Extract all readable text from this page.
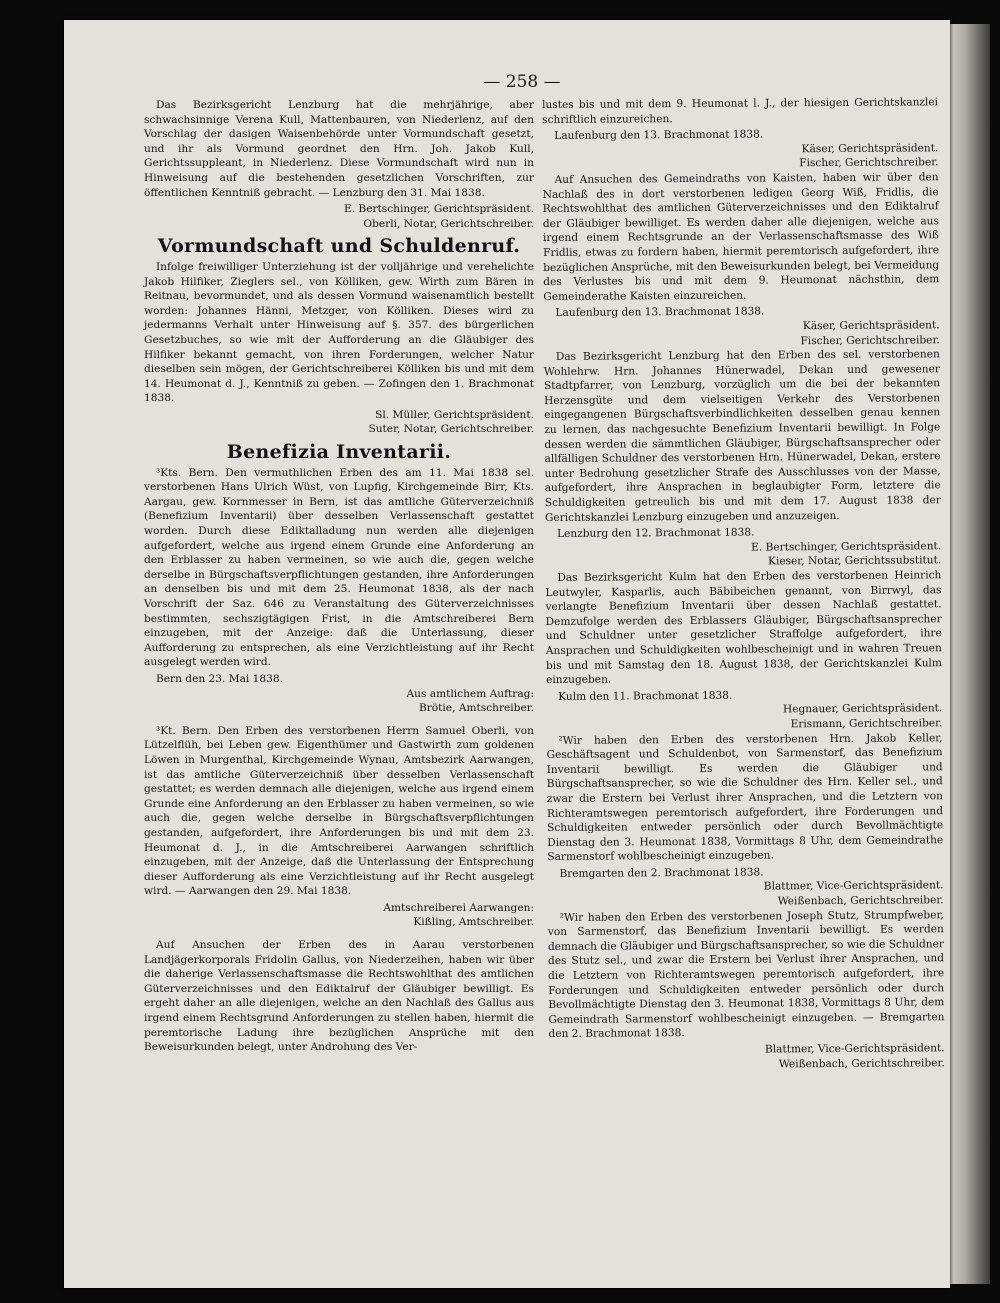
— 258 —

Das Bezirksgericht Lenzburg hat die mehrjährige, aber schwachsinnige Verena Kull, Mattenbauren, von Niederlenz, auf den Vorschlag der dasigen Waisenbehörde unter Vormundschaft gesetzt, und ihr als Vormund geordnet den Hrn. Joh. Jakob Kull, Gerichtssuppleant, in Niederlenz. Diese Vormundschaft wird nun in Hinweisung auf die bestehenden gesetzlichen Vorschriften, zur öffentlichen Kenntniß gebracht. — Lenzburg den 31. Mai 1838.

E. Bertschinger, Gerichtspräsident.

Oberli, Notar, Gerichtschreiber.

Vormundschaft und Schuldenruf.

Infolge freiwilliger Unterziehung ist der volljährige und verehelichte Jakob Hilfiker, Zieglers sel., von Kölliken, gew. Wirth zum Bären in Reitnau, bevormundet, und als dessen Vormund waisenamtlich bestellt worden: Johannes Hänni, Metzger, von Kölliken. Dieses wird zu jedermanns Verhalt unter Hinweisung auf §. 357. des bürgerlichen Gesetzbuches, so wie mit der Aufforderung an die Gläubiger des Hilfiker bekannt gemacht, von ihren Forderungen, welcher Natur dieselben sein mögen, der Gerichtschreiberei Kölliken bis und mit dem 14. Heumonat d. J., Kenntniß zu geben. — Zofingen den 1. Brachmonat 1838.

Sl. Müller, Gerichtspräsident.

Suter, Notar, Gerichtschreiber.

Benefizia Inventarii.

³Kts. Bern. Den vermuthlichen Erben des am 11. Mai 1838 sel. verstorbenen Hans Ulrich Wüst, von Lupfig, Kirchgemeinde Birr, Kts. Aargau, gew. Kornmesser in Bern, ist das amtliche Güterverzeichniß (Benefizium Inventarii) über desselben Verlassenschaft gestattet worden. Durch diese Ediktalladung nun werden alle diejenigen aufgefordert, welche aus irgend einem Grunde eine Anforderung an den Erblasser zu haben vermeinen, so wie auch die, gegen welche derselbe in Bürgschaftsverpflichtungen gestanden, ihre Anforderungen an denselben bis und mit dem 25. Heumonat 1838, als der nach Vorschrift der Saz. 646 zu Veranstaltung des Güterverzeichnisses bestimmten, sechszigtägigen Frist, in die Amtschreiberei Bern einzugeben, mit der Anzeige: daß die Unterlassung, dieser Aufforderung zu entsprechen, als eine Verzichtleistung auf ihr Recht ausgelegt werden wird.

Bern den 23. Mai 1838.

Aus amtlichem Auftrag:

Brötie, Amtschreiber.

³Kt. Bern. Den Erben des verstorbenen Herrn Samuel Oberli, von Lützelflüh, bei Leben gew. Eigenthümer und Gastwirth zum goldenen Löwen in Murgenthal, Kirchgemeinde Wynau, Amtsbezirk Aarwangen, ist das amtliche Güterverzeichniß über desselben Verlassenschaft gestattet; es werden demnach alle diejenigen, welche aus irgend einem Grunde eine Anforderung an den Erblasser zu haben vermeinen, so wie auch die, gegen welche derselbe in Bürgschaftsverpflichtungen gestanden, aufgefordert, ihre Anforderungen bis und mit dem 23. Heumonat d. J., in die Amtschreiberei Aarwangen schriftlich einzugeben, mit der Anzeige, daß die Unterlassung der Entsprechung dieser Aufforderung als eine Verzichtleistung auf ihr Recht ausgelegt wird. — Aarwangen den 29. Mai 1838.

Amtschreiberei Aarwangen:

Kißling, Amtschreiber.

Auf Ansuchen der Erben des in Aarau verstorbenen Landjägerkorporals Fridolin Gallus, von Niederzeihen, haben wir über die daherige Verlassenschaftsmasse die Rechtswohlthat des amtlichen Güterverzeichnisses und den Ediktalruf der Gläubiger bewilligt. Es ergeht daher an alle diejenigen, welche an den Nachlaß des Gallus aus irgend einem Rechtsgrund Anforderungen zu stellen haben, hiermit die peremtorische Ladung ihre bezüglichen Ansprüche mit den Beweisurkunden belegt, unter Androhung des Ver-

lustes bis und mit dem 9. Heumonat l. J., der hiesigen Gerichtskanzlei schriftlich einzureichen.

Laufenburg den 13. Brachmonat 1838.

Käser, Gerichtspräsident.

Fischer, Gerichtschreiber.

Auf Ansuchen des Gemeindraths von Kaisten, haben wir über den Nachlaß des in dort verstorbenen ledigen Georg Wiß, Fridlis, die Rechtswohlthat des amtlichen Güterverzeichnisses und den Ediktalruf der Gläubiger bewilliget. Es werden daher alle diejenigen, welche aus irgend einem Rechtsgrunde an der Verlassenschaftsmasse des Wiß Fridlis, etwas zu fordern haben, hiermit peremtorisch aufgefordert, ihre bezüglichen Ansprüche, mit den Beweisurkunden belegt, bei Vermeidung des Verlustes bis und mit dem 9. Heumonat nächsthin, dem Gemeinderathe Kaisten einzureichen.

Laufenburg den 13. Brachmonat 1838.

Käser, Gerichtspräsident.

Fischer, Gerichtschreiber.

Das Bezirksgericht Lenzburg hat den Erben des sel. verstorbenen Wohlehrw. Hrn. Johannes Hünerwadel, Dekan und gewesener Stadtpfarrer, von Lenzburg, vorzüglich um die bei der bekannten Herzensgüte und dem vielseitigen Verkehr des Verstorbenen eingegangenen Bürgschaftsverbindlichkeiten desselben genau kennen zu lernen, das nachgesuchte Benefizium Inventarii bewilligt. In Folge dessen werden die sämmtlichen Gläubiger, Bürgschaftsansprecher oder allfälligen Schuldner des verstorbenen Hrn. Hünerwadel, Dekan, erstere unter Bedrohung gesetzlicher Strafe des Ausschlusses von der Masse, aufgefordert, ihre Ansprachen in beglaubigter Form, letztere die Schuldigkeiten getreulich bis und mit dem 17. August 1838 der Gerichtskanzlei Lenzburg einzugeben und anzuzeigen.

Lenzburg den 12. Brachmonat 1838.

E. Bertschinger, Gerichtspräsident.

Kieser, Notar, Gerichtssubstitut.

Das Bezirksgericht Kulm hat den Erben des verstorbenen Heinrich Leutwyler, Kasparlis, auch Bäbibeichen genannt, von Birrwyl, das verlangte Benefizium Inventarii über dessen Nachlaß gestattet. Demzufolge werden des Erblassers Gläubiger, Bürgschaftsansprecher und Schuldner unter gesetzlicher Straffolge aufgefordert, ihre Ansprachen und Schuldigkeiten wohlbescheinigt und in wahren Treuen bis und mit Samstag den 18. August 1838, der Gerichtskanzlei Kulm einzugeben.

Kulm den 11. Brachmonat 1838.

Hegnauer, Gerichtspräsident.

Erismann, Gerichtschreiber.

²Wir haben den Erben des verstorbenen Hrn. Jakob Keller, Geschäftsagent und Schuldenbot, von Sarmenstorf, das Benefizium Inventarii bewilligt. Es werden die Gläubiger und Bürgschaftsansprecher, so wie die Schuldner des Hrn. Keller sel., und zwar die Erstern bei Verlust ihrer Ansprachen, und die Letztern von Richteramtswegen peremtorisch aufgefordert, ihre Forderungen und Schuldigkeiten entweder persönlich oder durch Bevollmächtigte Dienstag den 3. Heumonat 1838, Vormittags 8 Uhr, dem Gemeindrathe Sarmenstorf wohlbescheinigt einzugeben.

Bremgarten den 2. Brachmonat 1838.

Blattmer, Vice-Gerichtspräsident.

Weißenbach, Gerichtschreiber.

²Wir haben den Erben des verstorbenen Joseph Stutz, Strumpfweber, von Sarmenstorf, das Benefizium Inventarii bewilligt. Es werden demnach die Gläubiger und Bürgschaftsansprecher, so wie die Schuldner des Stutz sel., und zwar die Erstern bei Verlust ihrer Ansprachen, und die Letztern von Richteramtswegen peremtorisch aufgefordert, ihre Forderungen und Schuldigkeiten entweder persönlich oder durch Bevollmächtigte Dienstag den 3. Heumonat 1838, Vormittags 8 Uhr, dem Gemeindrath Sarmenstorf wohlbescheinigt einzugeben. — Bremgarten den 2. Brachmonat 1838.

Blattmer, Vice-Gerichtspräsident.

Weißenbach, Gerichtschreiber.
